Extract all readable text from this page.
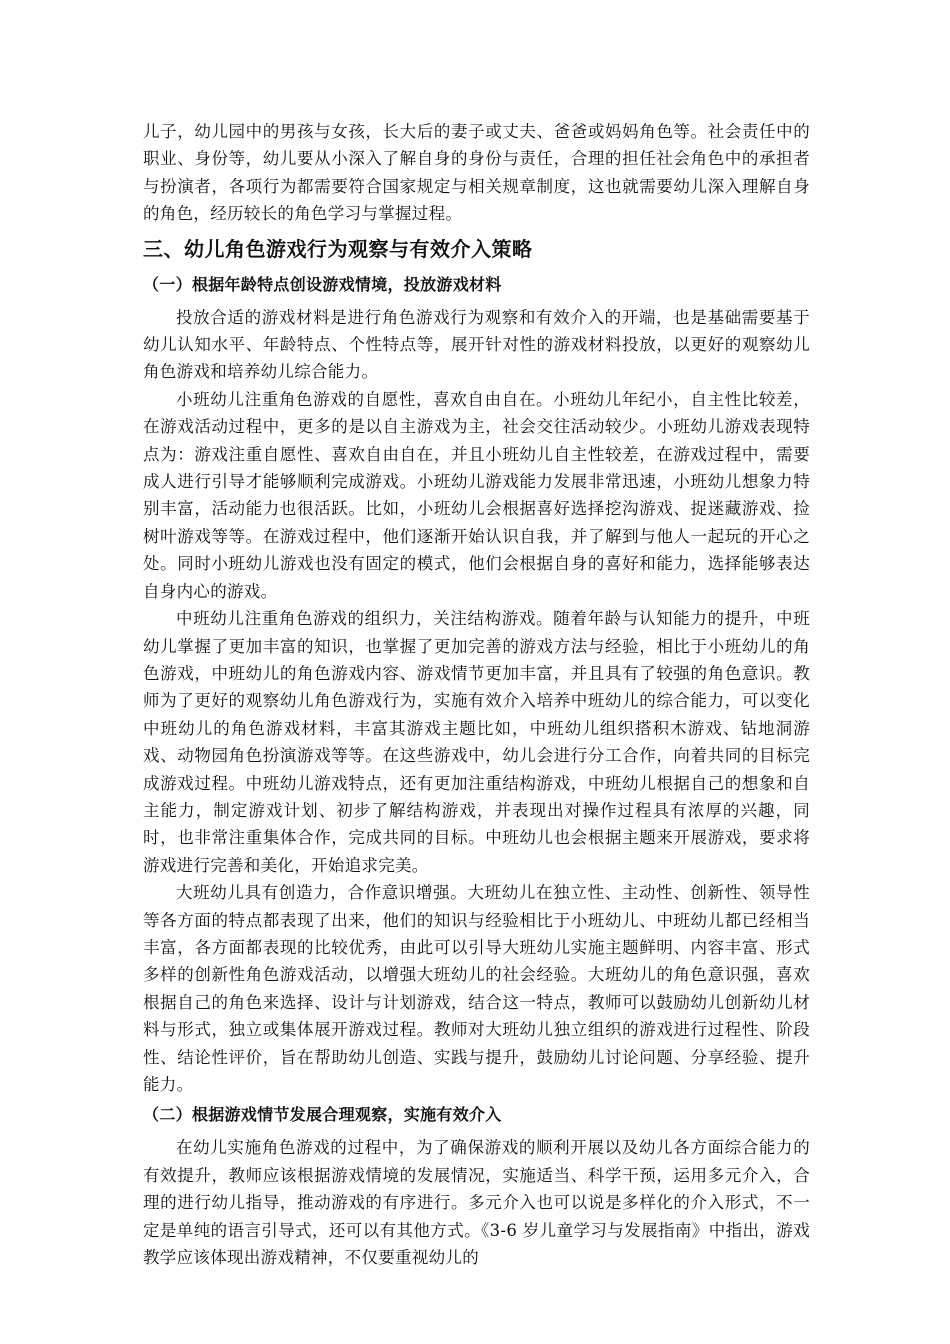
儿子，幼儿园中的男孩与女孩，长大后的妻子或丈夫、爸爸或妈妈角色等。社会责任中的职业、身份等，幼儿要从小深入了解自身的身份与责任，合理的担任社会角色中的承担者与扮演者，各项行为都需要符合国家规定与相关规章制度，这也就需要幼儿深入理解自身的角色，经历较长的角色学习与掌握过程。

三、幼儿角色游戏行为观察与有效介入策略
（一）根据年龄特点创设游戏情境，投放游戏材料

投放合适的游戏材料是进行角色游戏行为观察和有效介入的开端，也是基础需要基于幼儿认知水平、年龄特点、个性特点等，展开针对性的游戏材料投放，以更好的观察幼儿角色游戏和培养幼儿综合能力。

小班幼儿注重角色游戏的自愿性，喜欢自由自在。小班幼儿年纪小，自主性比较差，在游戏活动过程中，更多的是以自主游戏为主，社会交往活动较少。小班幼儿游戏表现特点为：游戏注重自愿性、喜欢自由自在，并且小班幼儿自主性较差，在游戏过程中，需要成人进行引导才能够顺利完成游戏。小班幼儿游戏能力发展非常迅速，小班幼儿想象力特别丰富，活动能力也很活跃。比如，小班幼儿会根据喜好选择挖沟游戏、捉迷藏游戏、捡树叶游戏等等。在游戏过程中，他们逐渐开始认识自我，并了解到与他人一起玩的开心之处。同时小班幼儿游戏也没有固定的模式，他们会根据自身的喜好和能力，选择能够表达自身内心的游戏。

中班幼儿注重角色游戏的组织力，关注结构游戏。随着年龄与认知能力的提升，中班幼儿掌握了更加丰富的知识，也掌握了更加完善的游戏方法与经验，相比于小班幼儿的角色游戏，中班幼儿的角色游戏内容、游戏情节更加丰富，并且具有了较强的角色意识。教师为了更好的观察幼儿角色游戏行为，实施有效介入培养中班幼儿的综合能力，可以变化中班幼儿的角色游戏材料，丰富其游戏主题比如，中班幼儿组织搭积木游戏、钻地洞游戏、动物园角色扮演游戏等等。在这些游戏中，幼儿会进行分工合作，向着共同的目标完成游戏过程。中班幼儿游戏特点，还有更加注重结构游戏，中班幼儿根据自己的想象和自主能力，制定游戏计划、初步了解结构游戏，并表现出对操作过程具有浓厚的兴趣，同时，也非常注重集体合作，完成共同的目标。中班幼儿也会根据主题来开展游戏，要求将游戏进行完善和美化，开始追求完美。

大班幼儿具有创造力，合作意识增强。大班幼儿在独立性、主动性、创新性、领导性等各方面的特点都表现了出来，他们的知识与经验相比于小班幼儿、中班幼儿都已经相当丰富，各方面都表现的比较优秀，由此可以引导大班幼儿实施主题鲜明、内容丰富、形式多样的创新性角色游戏活动，以增强大班幼儿的社会经验。大班幼儿的角色意识强，喜欢根据自己的角色来选择、设计与计划游戏，结合这一特点，教师可以鼓励幼儿创新幼儿材料与形式，独立或集体展开游戏过程。教师对大班幼儿独立组织的游戏进行过程性、阶段性、结论性评价，旨在帮助幼儿创造、实践与提升，鼓励幼儿讨论问题、分享经验、提升能力。

（二）根据游戏情节发展合理观察，实施有效介入

在幼儿实施角色游戏的过程中，为了确保游戏的顺利开展以及幼儿各方面综合能力的有效提升，教师应该根据游戏情境的发展情况，实施适当、科学干预，运用多元介入，合理的进行幼儿指导，推动游戏的有序进行。多元介入也可以说是多样化的介入形式，不一定是单纯的语言引导式，还可以有其他方式。《3-6 岁儿童学习与发展指南》中指出，游戏教学应该体现出游戏精神，不仅要重视幼儿的
